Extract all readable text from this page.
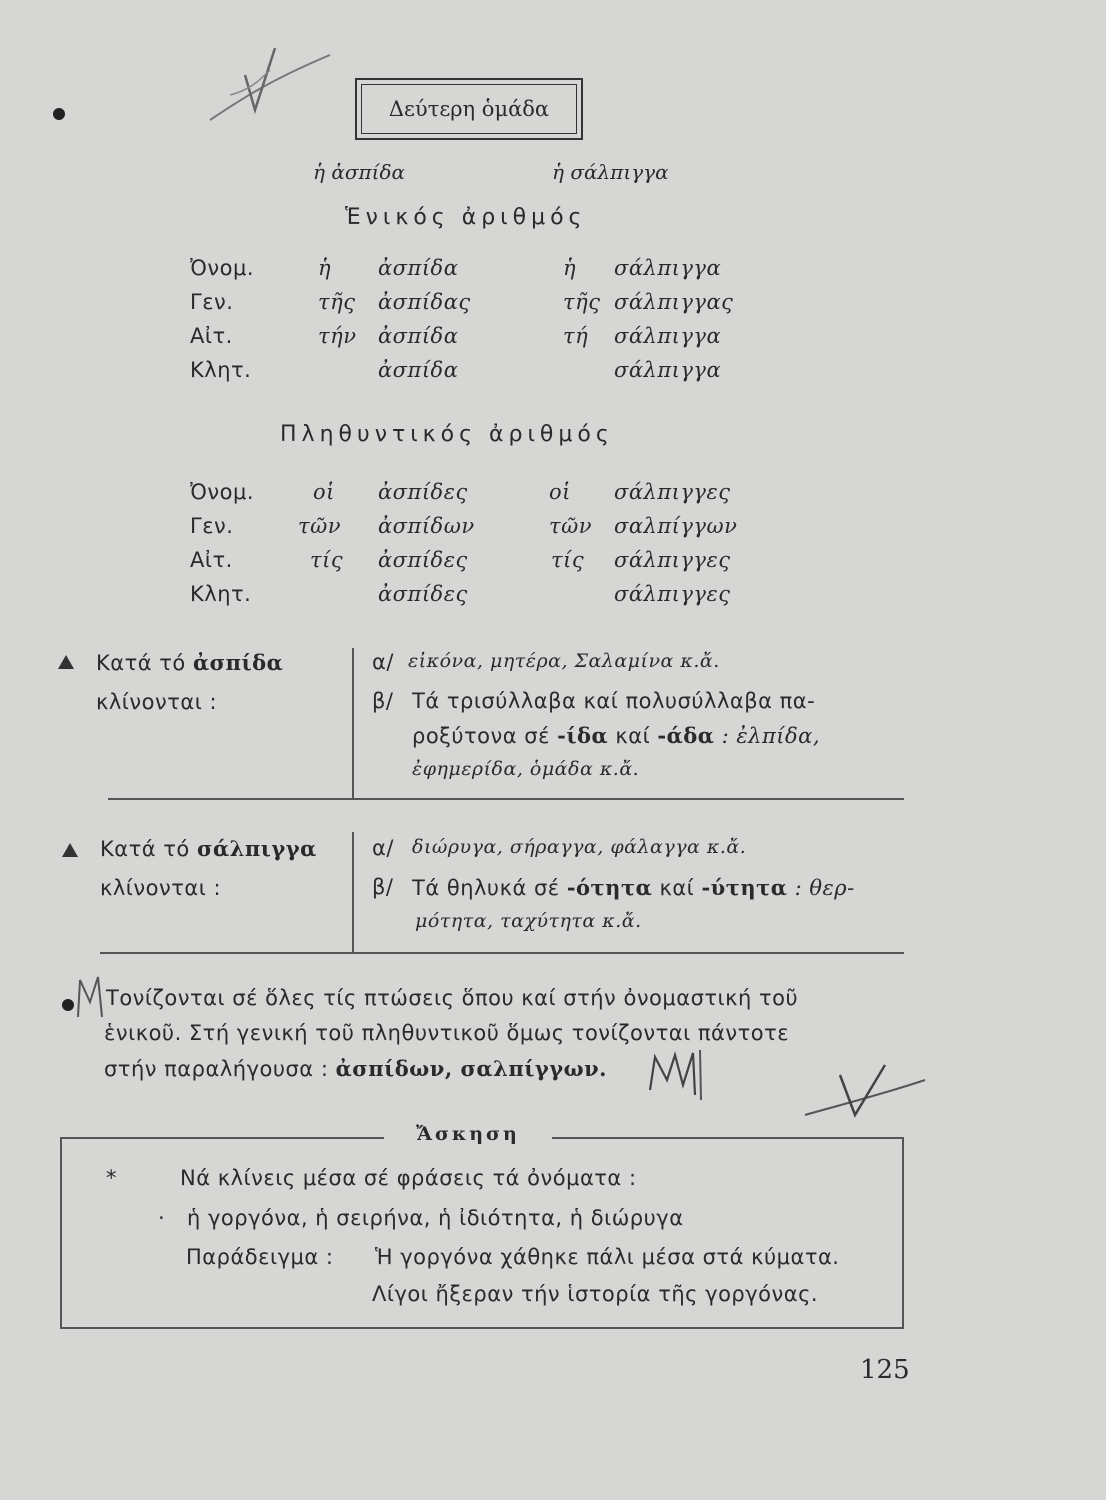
Δεύτερη ὁμάδα
ἡ ἀσπίδα	ἡ σάλπιγγα
Ἑνικός ἀριθμός
Ὀνομ.	ἡ ἀσπίδα	ἡ σάλπιγγα
Γεν.	τῆς ἀσπίδας	τῆς σάλπιγγας
Αἰτ.	τήν ἀσπίδα	τή σάλπιγγα
Κλητ.	ἀσπίδα	σάλπιγγα
Πληθυντικός ἀριθμός
Ὀνομ.	οἱ ἀσπίδες	οἱ σάλπιγγες
Γεν.	τῶν ἀσπίδων	τῶν σαλπίγγων
Αἰτ.	τίς ἀσπίδες	τίς σάλπιγγες
Κλητ.	ἀσπίδες	σάλπιγγες
Κατά τό ἀσπίδα
κλίνονται :
α/ εἰκόνα, μητέρα, Σαλαμίνα κ.ἄ.
β/ Τά τρισύλλαβα καί πολυσύλλαβα πα-
ροξύτονα σέ -ίδα καί -άδα : ἐλπίδα,
ἐφημερίδα, ὁμάδα κ.ἄ.
Κατά τό σάλπιγγα
κλίνονται :
α/ διώρυγα, σήραγγα, φάλαγγα κ.ἄ.
β/ Τά θηλυκά σέ -ότητα καί -ύτητα : θερ-
μότητα, ταχύτητα κ.ἄ.
Τονίζονται σέ ὅλες τίς πτώσεις ὅπου καί στήν ὀνομαστική τοῦ
ἑνικοῦ. Στή γενική τοῦ πληθυντικοῦ ὅμως τονίζονται πάντοτε
στήν παραλήγουσα : ἀσπίδων, σαλπίγγων.
Ἄσκηση
*	Νά κλίνεις μέσα σέ φράσεις τά ὀνόματα :
· ἡ γοργόνα, ἡ σειρήνα, ἡ ἰδιότητα, ἡ διώρυγα
Παράδειγμα : Ἡ γοργόνα χάθηκε πάλι μέσα στά κύματα.
Λίγοι ἤξεραν τήν ἱστορία τῆς γοργόνας.
125
